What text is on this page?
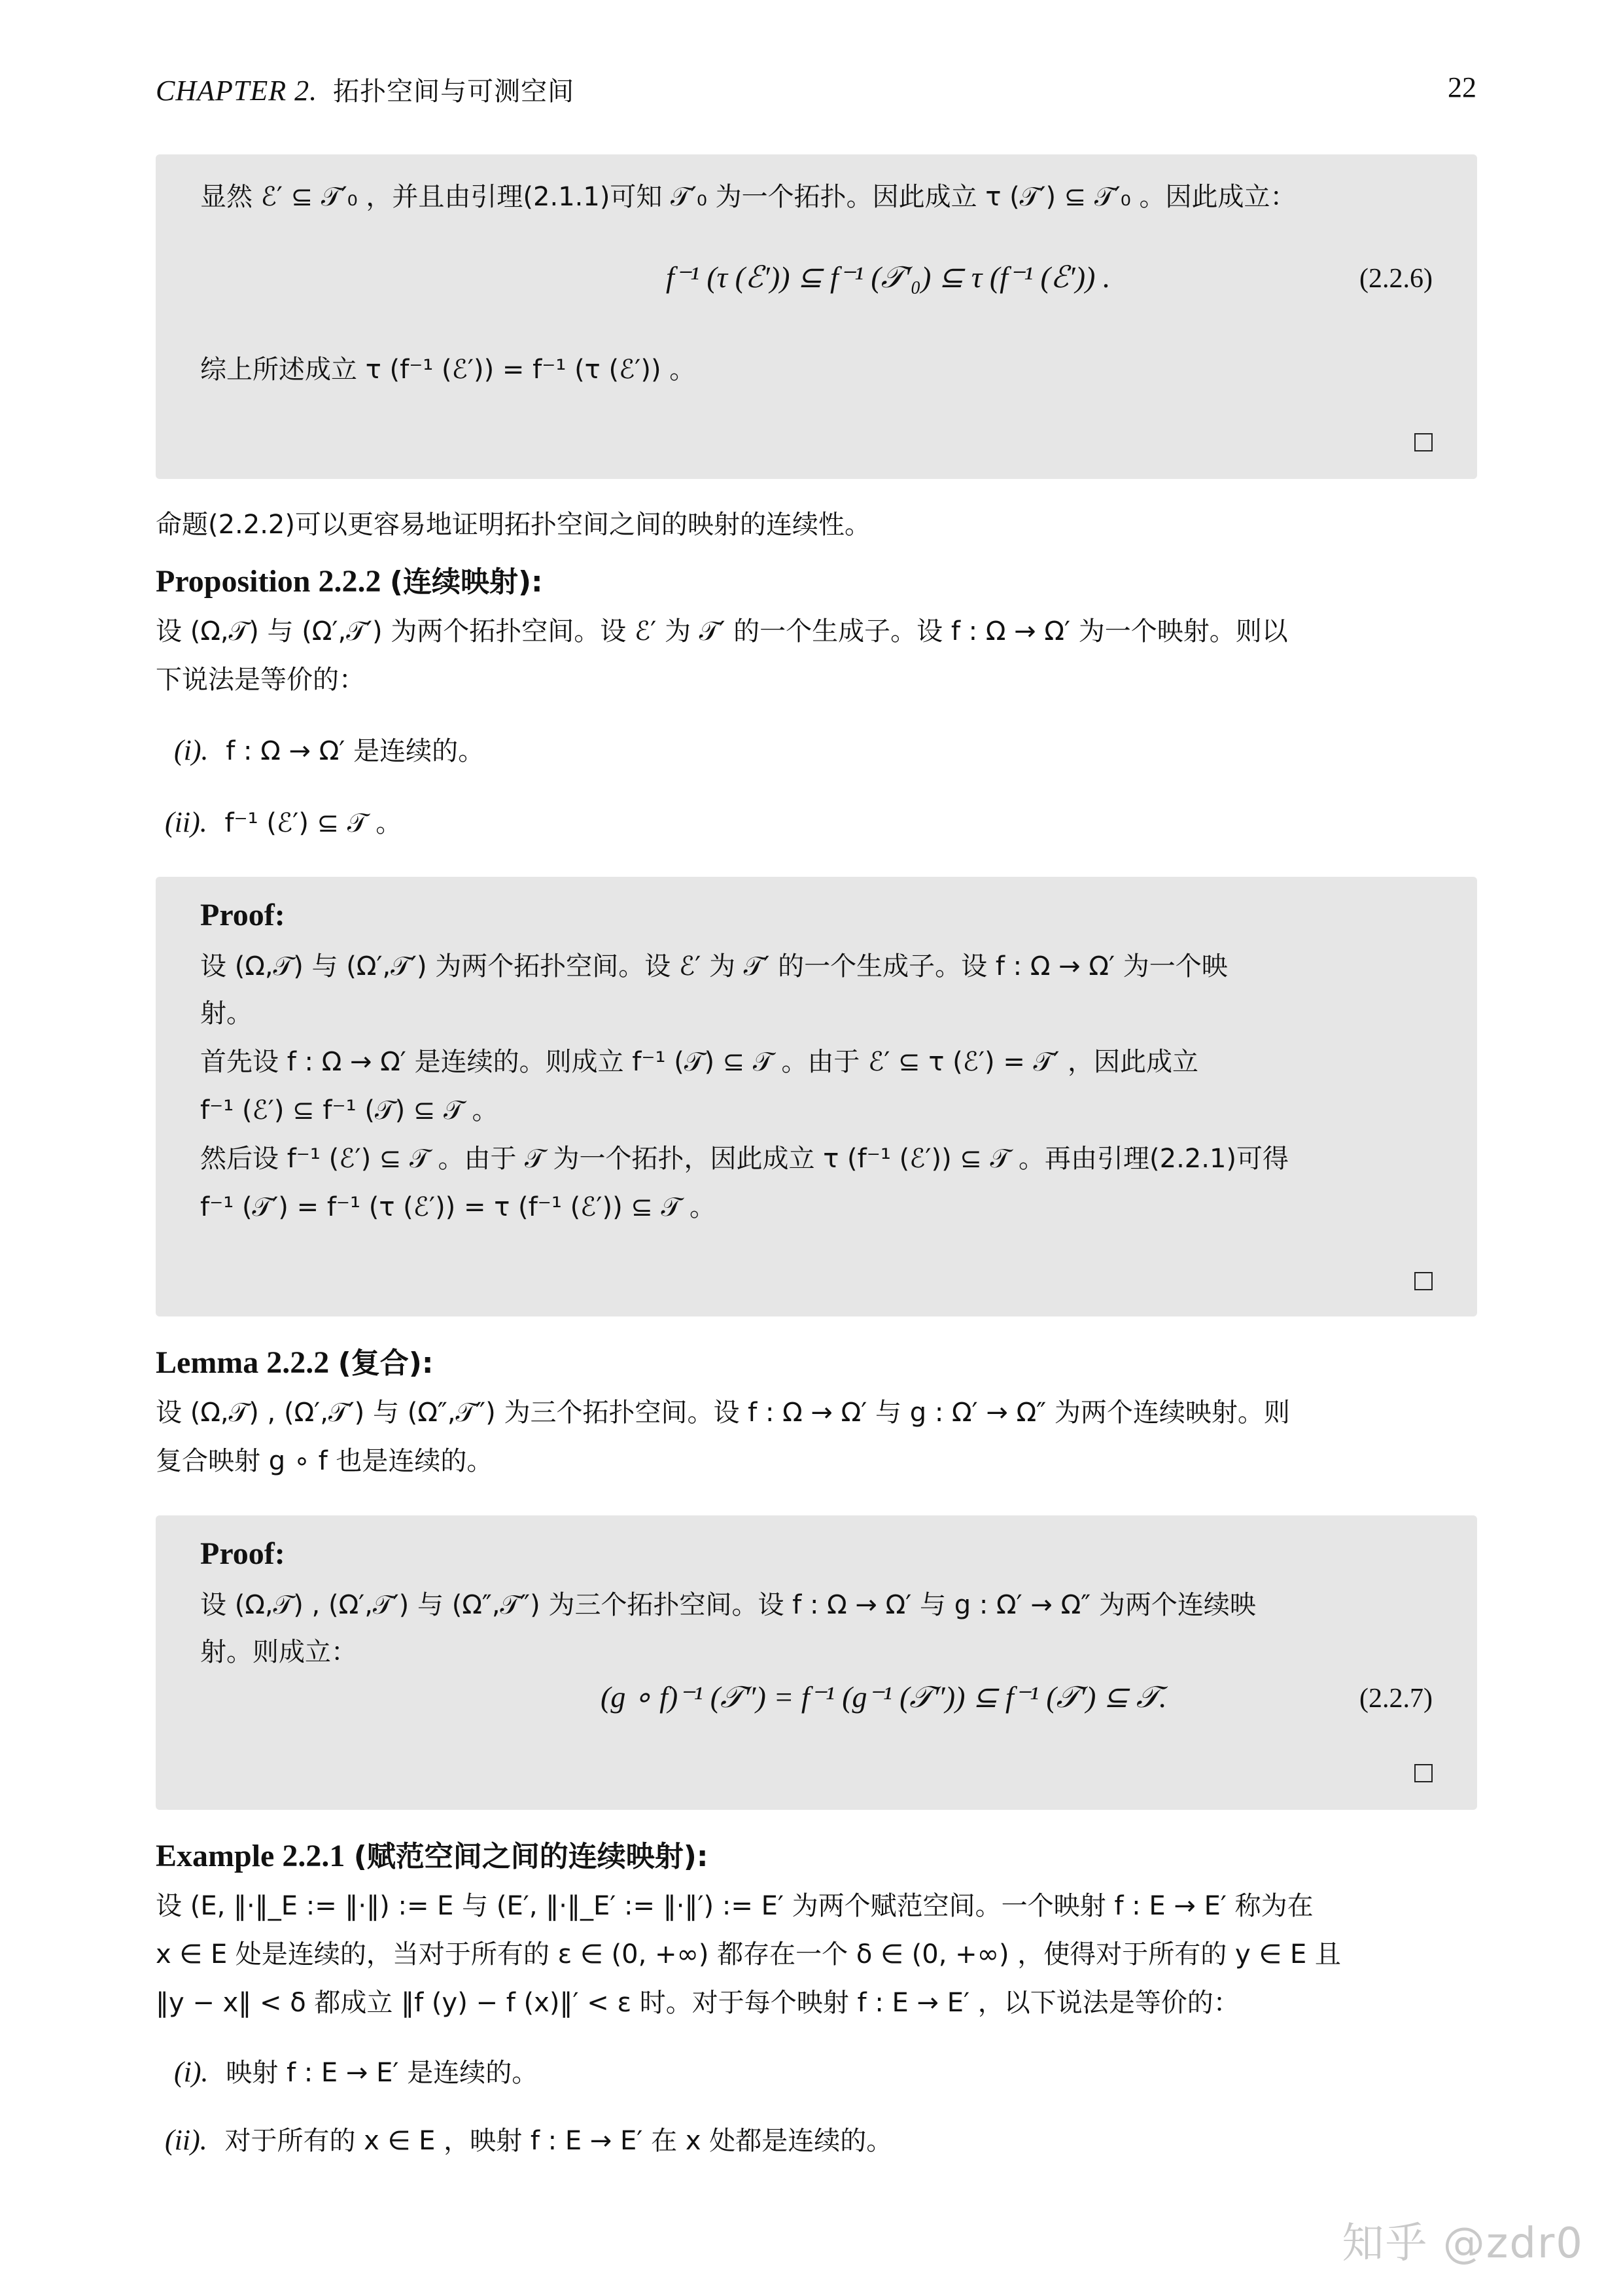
CHAPTER 2. 拓扑空间与可测空间	22
显然 ℰ′ ⊆ 𝒯′₀ ，并且由引理(2.1.1)可知 𝒯′₀ 为一个拓扑。因此成立 τ (𝒯′) ⊆ 𝒯′₀ 。因此成立：
f⁻¹ (τ (ℰ′)) ⊆ f⁻¹ (𝒯′₀) ⊆ τ (f⁻¹ (ℰ′)) .	(2.2.6)
综上所述成立 τ (f⁻¹ (ℰ′)) = f⁻¹ (τ (ℰ′)) 。
命题(2.2.2)可以更容易地证明拓扑空间之间的映射的连续性。
Proposition 2.2.2 (连续映射):
设 (Ω,𝒯) 与 (Ω′,𝒯′) 为两个拓扑空间。设 ℰ′ 为 𝒯′ 的一个生成子。设 f : Ω → Ω′ 为一个映射。则以
下说法是等价的：
(i). f : Ω → Ω′ 是连续的。
(ii). f⁻¹ (ℰ′) ⊆ 𝒯 。
Proof:
设 (Ω,𝒯) 与 (Ω′,𝒯′) 为两个拓扑空间。设 ℰ′ 为 𝒯′ 的一个生成子。设 f : Ω → Ω′ 为一个映
射。
首先设 f : Ω → Ω′ 是连续的。则成立 f⁻¹ (𝒯) ⊆ 𝒯 。由于 ℰ′ ⊆ τ (ℰ′) = 𝒯′ ，因此成立
f⁻¹ (ℰ′) ⊆ f⁻¹ (𝒯) ⊆ 𝒯 。
然后设 f⁻¹ (ℰ′) ⊆ 𝒯 。由于 𝒯 为一个拓扑，因此成立 τ (f⁻¹ (ℰ′)) ⊆ 𝒯 。再由引理(2.2.1)可得
f⁻¹ (𝒯′) = f⁻¹ (τ (ℰ′)) = τ (f⁻¹ (ℰ′)) ⊆ 𝒯 。
Lemma 2.2.2 (复合):
设 (Ω,𝒯) , (Ω′,𝒯′) 与 (Ω″,𝒯″) 为三个拓扑空间。设 f : Ω → Ω′ 与 g : Ω′ → Ω″ 为两个连续映射。则
复合映射 g ∘ f 也是连续的。
Proof:
设 (Ω,𝒯) , (Ω′,𝒯′) 与 (Ω″,𝒯″) 为三个拓扑空间。设 f : Ω → Ω′ 与 g : Ω′ → Ω″ 为两个连续映
射。则成立：
(g ∘ f)⁻¹ (𝒯″) = f⁻¹ (g⁻¹ (𝒯″)) ⊆ f⁻¹ (𝒯′) ⊆ 𝒯.	(2.2.7)
Example 2.2.1 (赋范空间之间的连续映射):
设 (E, ‖·‖_E := ‖·‖) := E 与 (E′, ‖·‖_E′ := ‖·‖′) := E′ 为两个赋范空间。一个映射 f : E → E′ 称为在
x ∈ E 处是连续的，当对于所有的 ε ∈ (0, +∞) 都存在一个 δ ∈ (0, +∞) ，使得对于所有的 y ∈ E 且
‖y − x‖ < δ 都成立 ‖f (y) − f (x)‖′ < ε 时。对于每个映射 f : E → E′ ，以下说法是等价的：
(i). 映射 f : E → E′ 是连续的。
(ii). 对于所有的 x ∈ E ，映射 f : E → E′ 在 x 处都是连续的。
知乎 @zdr0
